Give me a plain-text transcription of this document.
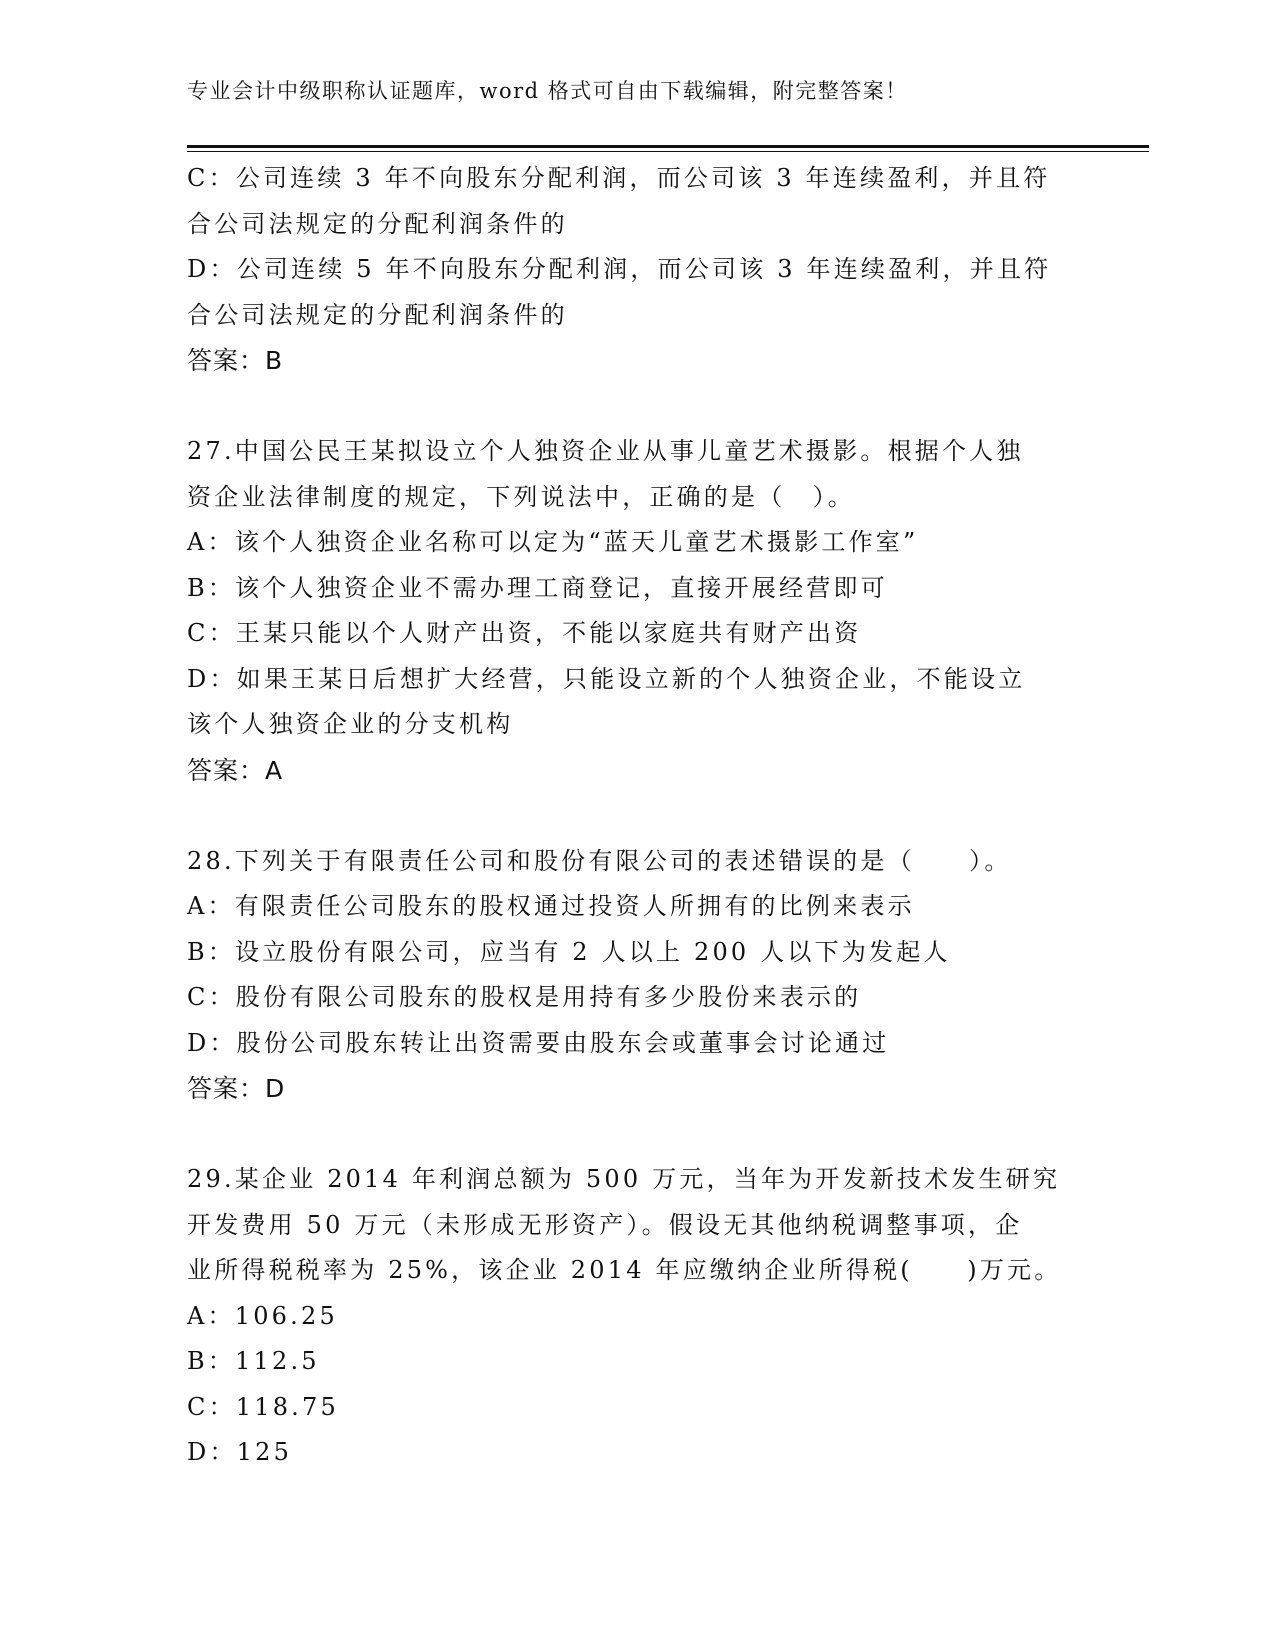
专业会计中级职称认证题库，word 格式可自由下载编辑，附完整答案！
C：公司连续 3 年不向股东分配利润，而公司该 3 年连续盈利，并且符
合公司法规定的分配利润条件的
D：公司连续 5 年不向股东分配利润，而公司该 3 年连续盈利，并且符
合公司法规定的分配利润条件的
答案：B
27.中国公民王某拟设立个人独资企业从事儿童艺术摄影。根据个人独
资企业法律制度的规定，下列说法中，正确的是（　）。
A：该个人独资企业名称可以定为“蓝天儿童艺术摄影工作室”
B：该个人独资企业不需办理工商登记，直接开展经营即可
C：王某只能以个人财产出资，不能以家庭共有财产出资
D：如果王某日后想扩大经营，只能设立新的个人独资企业，不能设立
该个人独资企业的分支机构
答案：A
28.下列关于有限责任公司和股份有限公司的表述错误的是（　　）。
A：有限责任公司股东的股权通过投资人所拥有的比例来表示
B：设立股份有限公司，应当有 2 人以上 200 人以下为发起人
C：股份有限公司股东的股权是用持有多少股份来表示的
D：股份公司股东转让出资需要由股东会或董事会讨论通过
答案：D
29.某企业 2014 年利润总额为 500 万元，当年为开发新技术发生研究
开发费用 50 万元（未形成无形资产）。假设无其他纳税调整事项，企
业所得税税率为 25%，该企业 2014 年应缴纳企业所得税(　　)万元。
A：106.25
B：112.5
C：118.75
D：125
